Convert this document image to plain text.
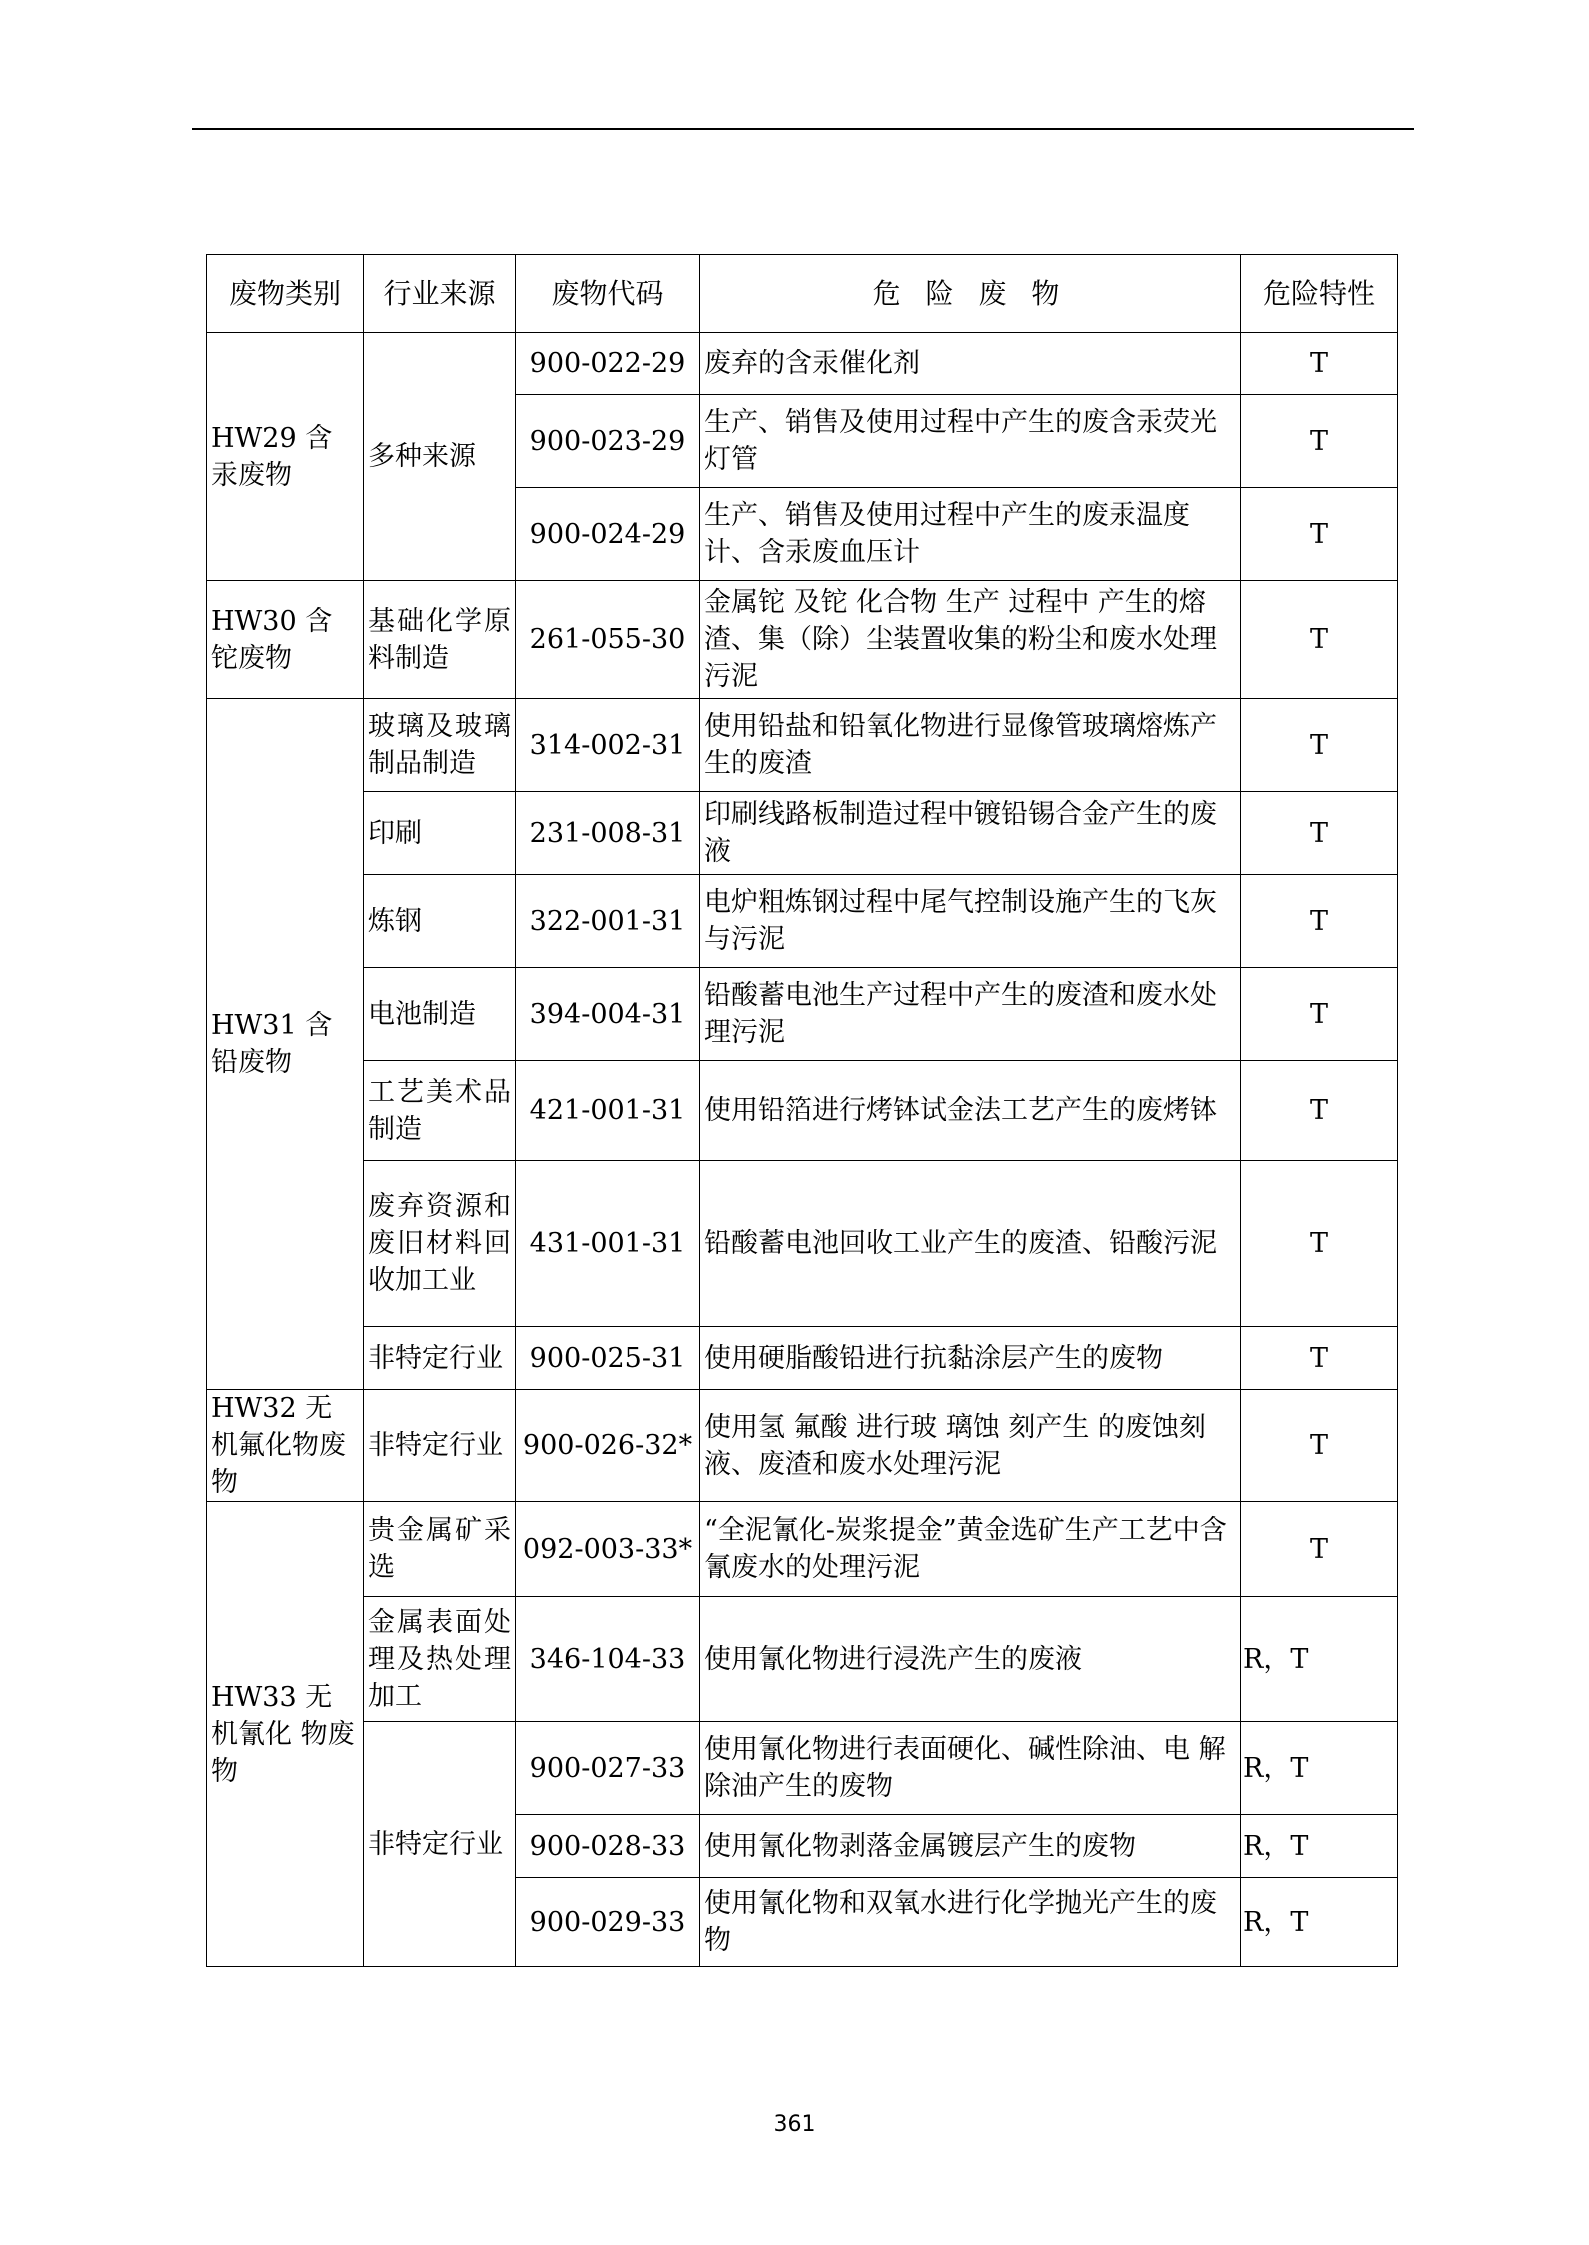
废物类别	行业来源	废物代码	危 险 废 物	危险特性
HW29 含汞废物	多种来源	900-022-29	废弃的含汞催化剂	T
		900-023-29	生产、销售及使用过程中产生的废含汞荧光灯管	T
		900-024-29	生产、销售及使用过程中产生的废汞温度计、含汞废血压计	T
HW30 含铊废物	基础化学原料制造	261-055-30	金属铊 及铊 化合物 生产 过程中 产生的熔 渣、集（除）尘装置收集的粉尘和废水处理污泥	T
HW31 含铅废物	玻璃及玻璃制品制造	314-002-31	使用铅盐和铅氧化物进行显像管玻璃熔炼产生的废渣	T
	印刷	231-008-31	印刷线路板制造过程中镀铅锡合金产生的废液	T
	炼钢	322-001-31	电炉粗炼钢过程中尾气控制设施产生的飞灰与污泥	T
	电池制造	394-004-31	铅酸蓄电池生产过程中产生的废渣和废水处理污泥	T
	工艺美术品制造	421-001-31	使用铅箔进行烤钵试金法工艺产生的废烤钵	T
	废弃资源和废旧材料回收加工业	431-001-31	铅酸蓄电池回收工业产生的废渣、铅酸污泥	T
	非特定行业	900-025-31	使用硬脂酸铅进行抗黏涂层产生的废物	T
HW32 无机氟化物废物	非特定行业	900-026-32*	使用氢 氟酸 进行玻 璃蚀 刻产生 的废蚀刻 液、废渣和废水处理污泥	T
HW33 无机氰化 物废物	贵金属矿采选	092-003-33*	“全泥氰化-炭浆提金”黄金选矿生产工艺中含氰废水的处理污泥	T
	金属表面处理及热处理加工	346-104-33	使用氰化物进行浸洗产生的废液	R，T
	非特定行业	900-027-33	使用氰化物进行表面硬化、碱性除油、电 解除油产生的废物	R，T
		900-028-33	使用氰化物剥落金属镀层产生的废物	R，T
		900-029-33	使用氰化物和双氧水进行化学抛光产生的废物	R，T
361
